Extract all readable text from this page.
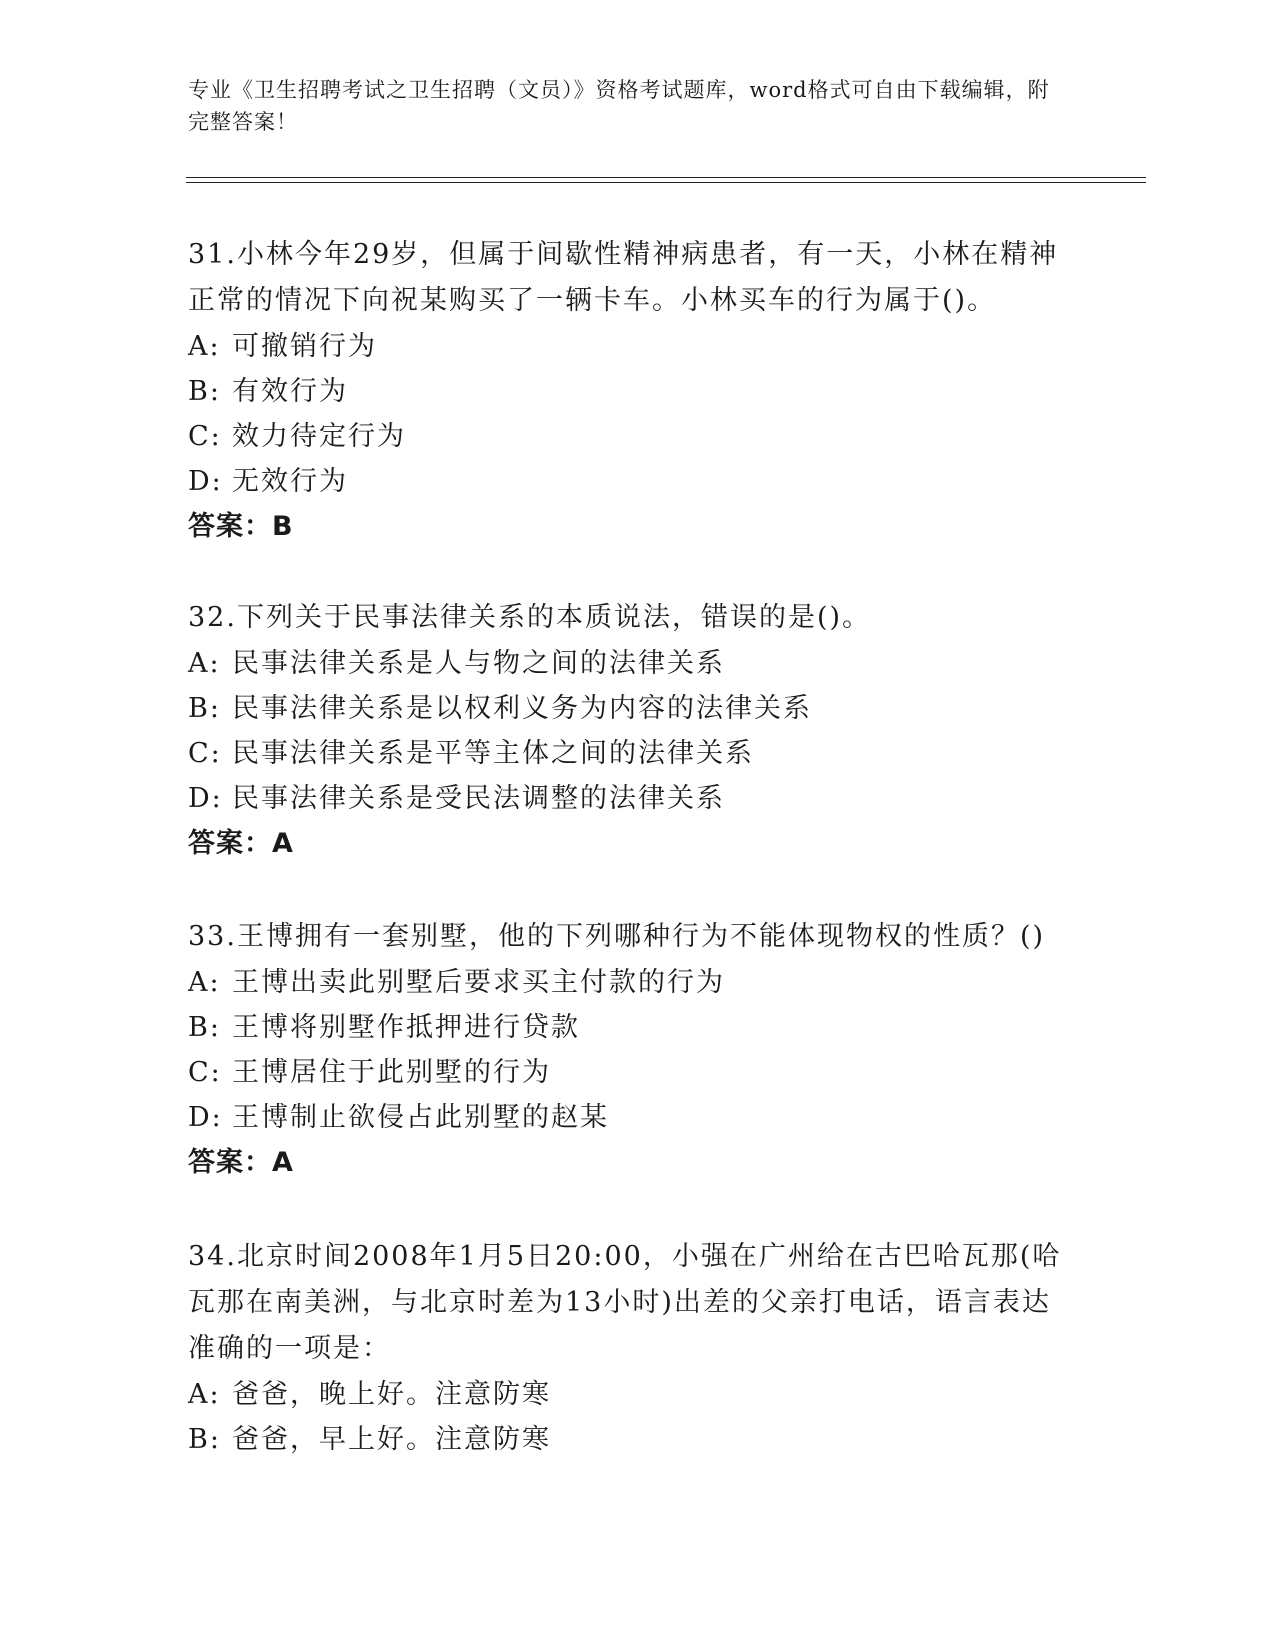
专业《卫生招聘考试之卫生招聘（文员）》资格考试题库，word格式可自由下载编辑，附完整答案！

31.小林今年29岁，但属于间歇性精神病患者，有一天，小林在精神正常的情况下向祝某购买了一辆卡车。小林买车的行为属于()。

A: 可撤销行为

B: 有效行为

C: 效力待定行为

D: 无效行为

答案：B

32.下列关于民事法律关系的本质说法，错误的是()。

A: 民事法律关系是人与物之间的法律关系

B: 民事法律关系是以权利义务为内容的法律关系

C: 民事法律关系是平等主体之间的法律关系

D: 民事法律关系是受民法调整的法律关系

答案：A

33.王博拥有一套别墅，他的下列哪种行为不能体现物权的性质？()

A: 王博出卖此别墅后要求买主付款的行为

B: 王博将别墅作抵押进行贷款

C: 王博居住于此别墅的行为

D: 王博制止欲侵占此别墅的赵某

答案：A

34.北京时间2008年1月5日20:00，小强在广州给在古巴哈瓦那(哈瓦那在南美洲，与北京时差为13小时)出差的父亲打电话，语言表达准确的一项是：

A: 爸爸，晚上好。注意防寒

B: 爸爸，早上好。注意防寒
